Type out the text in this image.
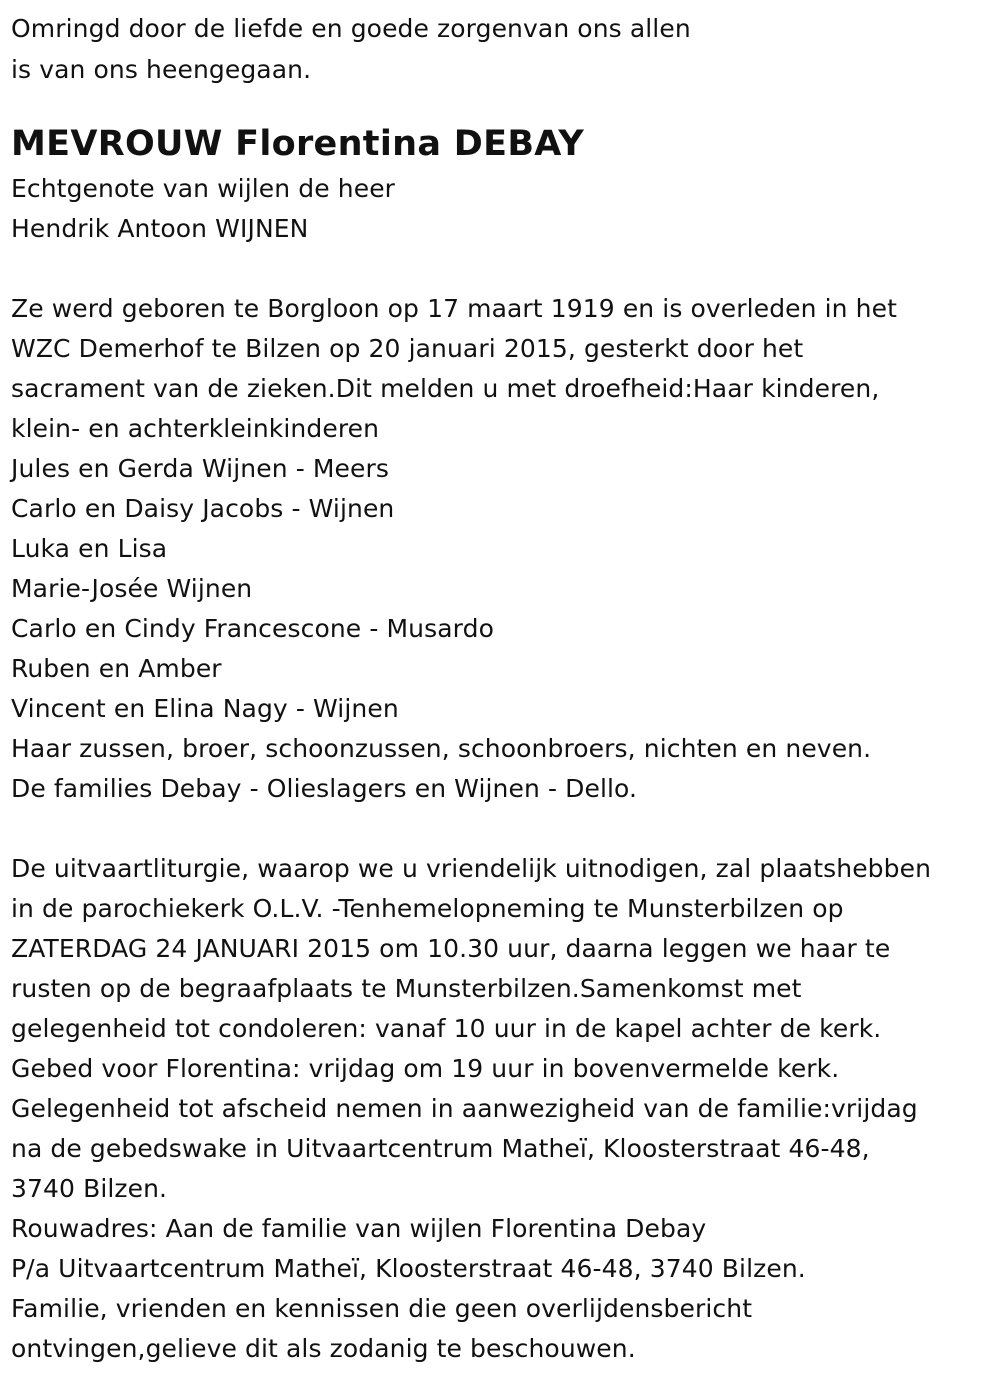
Omringd door de liefde en goede zorgenvan ons allen
is van ons heengegaan.
MEVROUW Florentina DEBAY
Echtgenote van wijlen de heer
Hendrik Antoon WIJNEN
Ze werd geboren te Borgloon op 17 maart 1919 en is overleden in het
WZC Demerhof te Bilzen op 20 januari 2015, gesterkt door het
sacrament van de zieken.Dit melden u met droefheid:Haar kinderen,
klein- en achterkleinkinderen
Jules en Gerda Wijnen - Meers
Carlo en Daisy Jacobs - Wijnen
Luka en Lisa
Marie-Josée Wijnen
Carlo en Cindy Francescone - Musardo
Ruben en Amber
Vincent en Elina Nagy - Wijnen
Haar zussen, broer, schoonzussen, schoonbroers, nichten en neven.
De families Debay - Olieslagers en Wijnen - Dello.
De uitvaartliturgie, waarop we u vriendelijk uitnodigen, zal plaatshebben
in de parochiekerk O.L.V. -Tenhemelopneming te Munsterbilzen op
ZATERDAG 24 JANUARI 2015 om 10.30 uur, daarna leggen we haar te
rusten op de begraafplaats te Munsterbilzen.Samenkomst met
gelegenheid tot condoleren: vanaf 10 uur in de kapel achter de kerk.
Gebed voor Florentina: vrijdag om 19 uur in bovenvermelde kerk.
Gelegenheid tot afscheid nemen in aanwezigheid van de familie:vrijdag
na de gebedswake in Uitvaartcentrum Matheï, Kloosterstraat 46-48,
3740 Bilzen.
Rouwadres: Aan de familie van wijlen Florentina Debay
P/a Uitvaartcentrum Matheï, Kloosterstraat 46-48, 3740 Bilzen.
Familie, vrienden en kennissen die geen overlijdensbericht
ontvingen,gelieve dit als zodanig te beschouwen.
